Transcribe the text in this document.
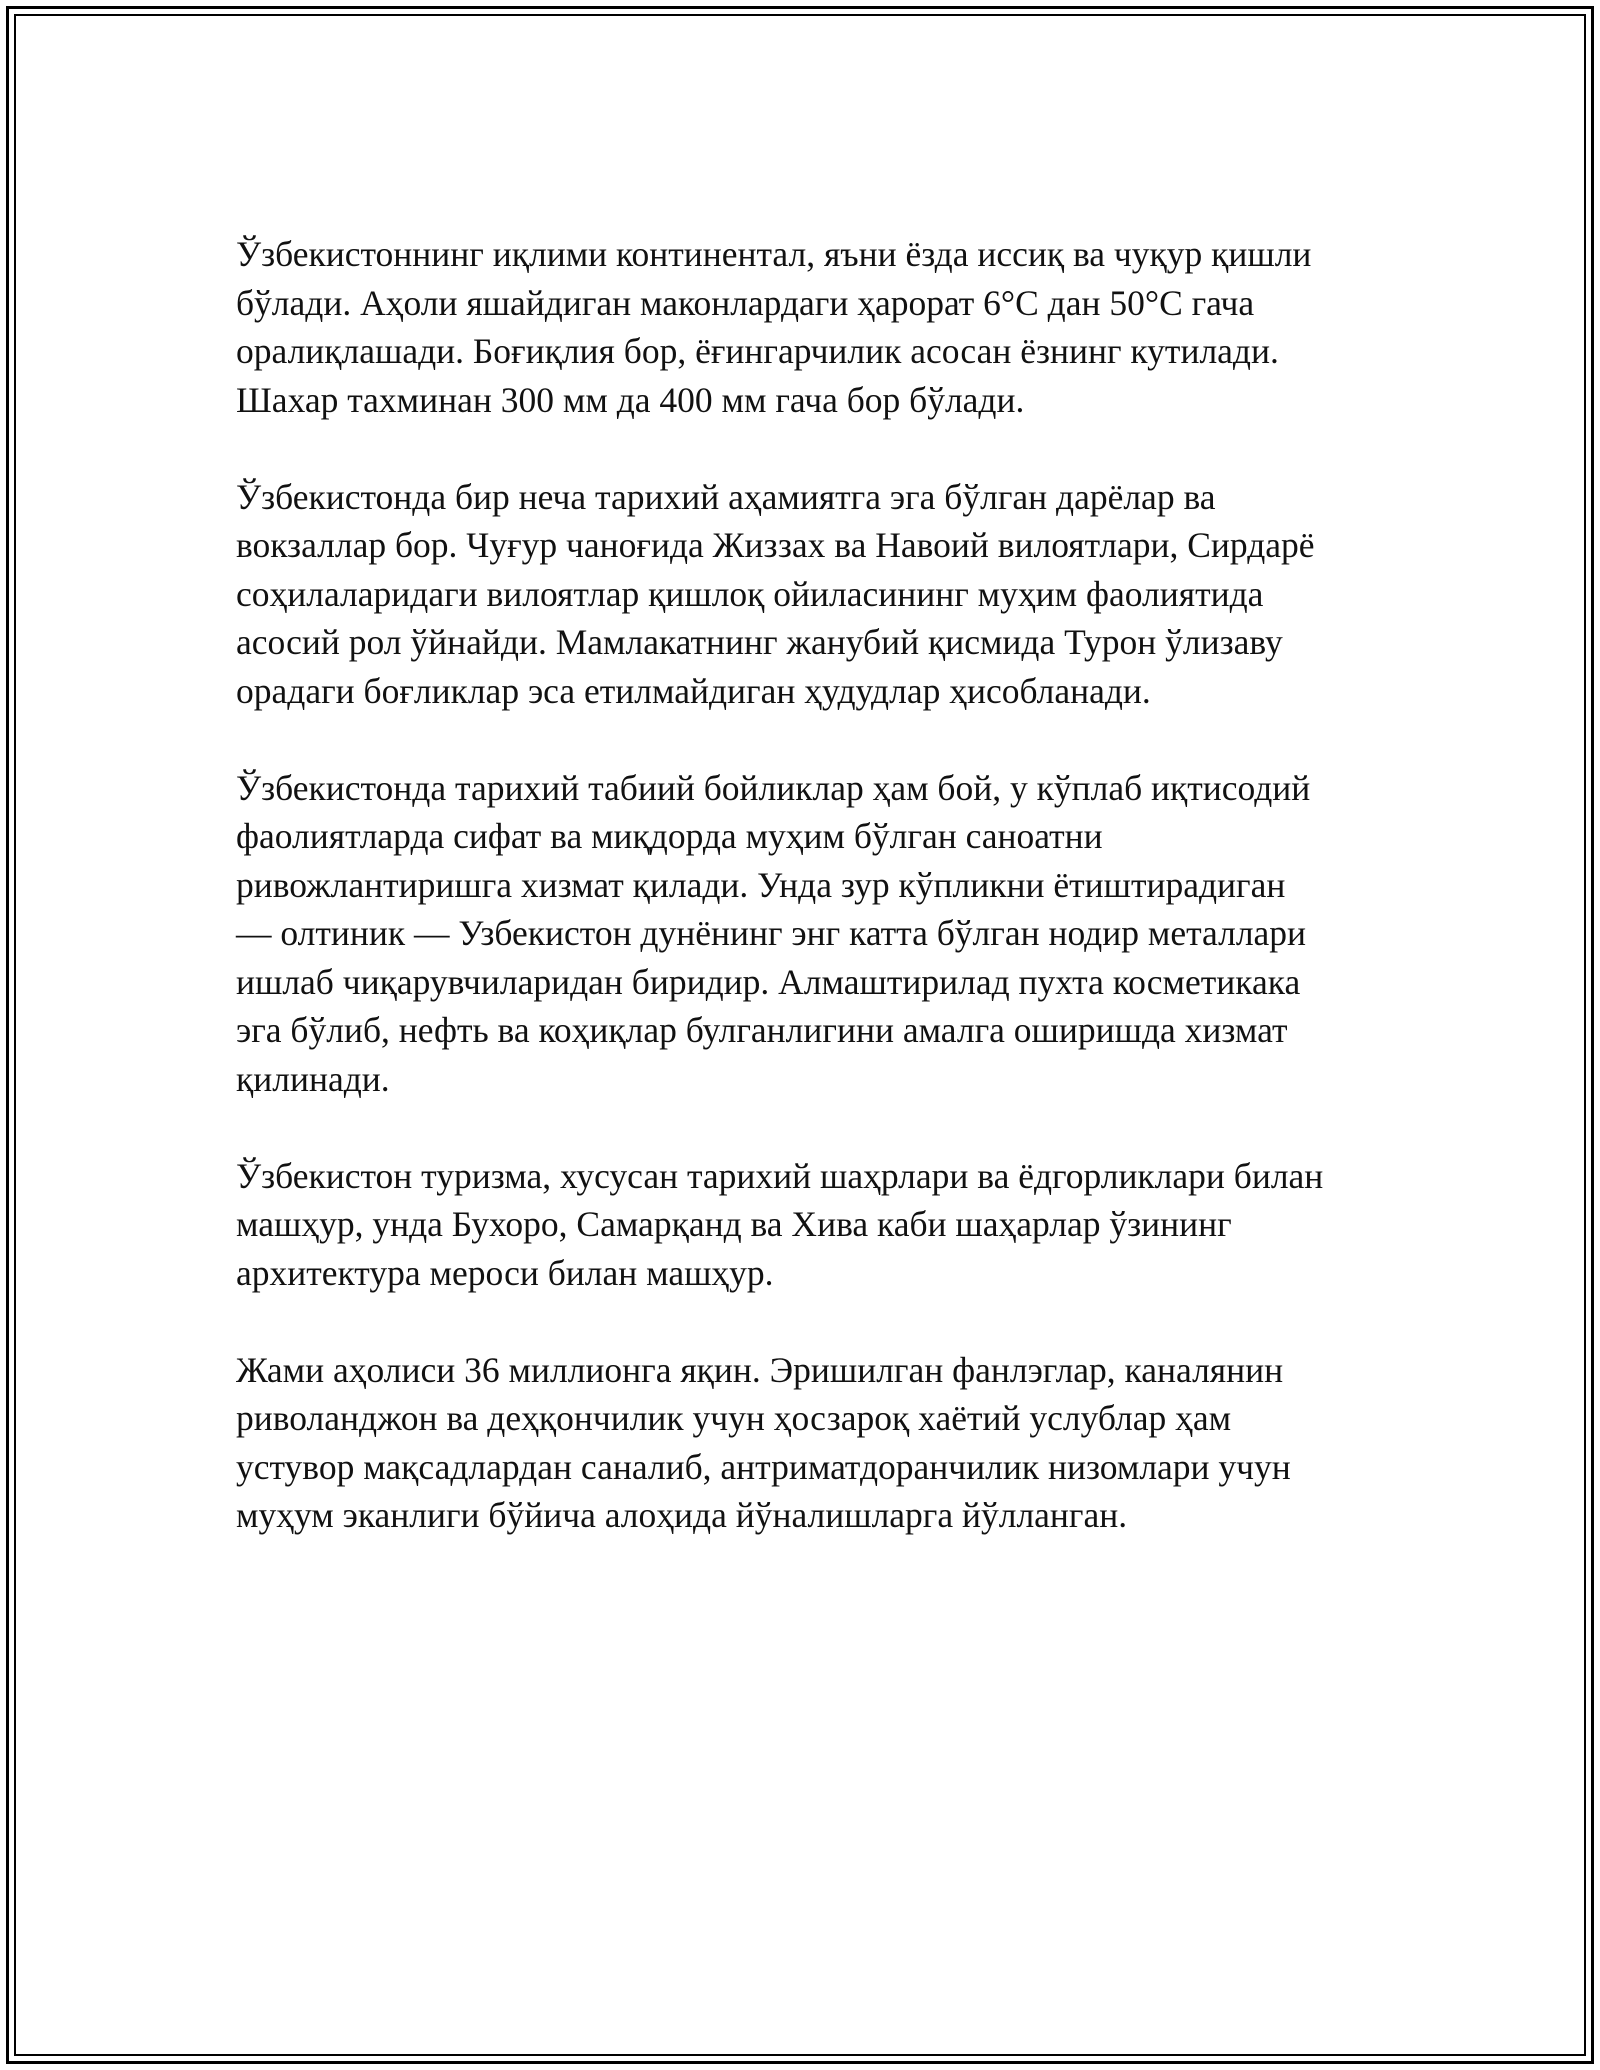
Ўзбекистоннинг иқлими континентал, яъни ёзда иссиқ ва чуқур қишли
бўлади. Аҳоли яшайдиган маконлардаги ҳарорат 6°C дан 50°C гача
оралиқлашади. Боғиқлия бор, ёғингарчилик асосан ёзнинг кутилади.
Шахар тахминан 300 мм да 400 мм гача бор бўлади.

Ўзбекистонда бир неча тарихий аҳамиятга эга бўлган дарёлар ва
вокзаллар бор. Чуғур чаноғида Жиззах ва Навоий вилоятлари, Сирдарё
соҳилаларидаги вилоятлар қишлоқ ойиласининг муҳим фаолиятида
асосий рол ўйнайди. Мамлакатнинг жанубий қисмида Турон ўлизаву
орадаги боғликлар эса етилмайдиган ҳудудлар ҳисобланади.

Ўзбекистонда тарихий табиий бойликлар ҳам бой, у кўплаб иқтисодий
фаолиятларда сифат ва миқдорда муҳим бўлган саноатни
ривожлантиришга хизмат қилади. Унда зур кўпликни ётиштирадиган
— олтиник — Узбекистон дунёнинг энг катта бўлган нодир металлари
ишлаб чиқарувчиларидан биридир. Алмаштирилад пухта косметикака
эга бўлиб, нефть ва коҳиқлар булганлигини амалга оширишда хизмат
қилинади.

Ўзбекистон туризма, хусусан тарихий шаҳрлари ва ёдгорликлари билан
машҳур, унда Бухоро, Самарқанд ва Хива каби шаҳарлар ўзининг
архитектура мероси билан машҳур.

Жами аҳолиси 36 миллионга яқин. Эришилган фанлэглар, каналянин
риволанджон ва деҳқончилик учун ҳосзароқ хаётий услублар ҳам
устувор мақсадлардан саналиб, антриматдоранчилик низомлари учун
муҳум эканлиги бўйича алоҳида йўналишларга йўлланган.
